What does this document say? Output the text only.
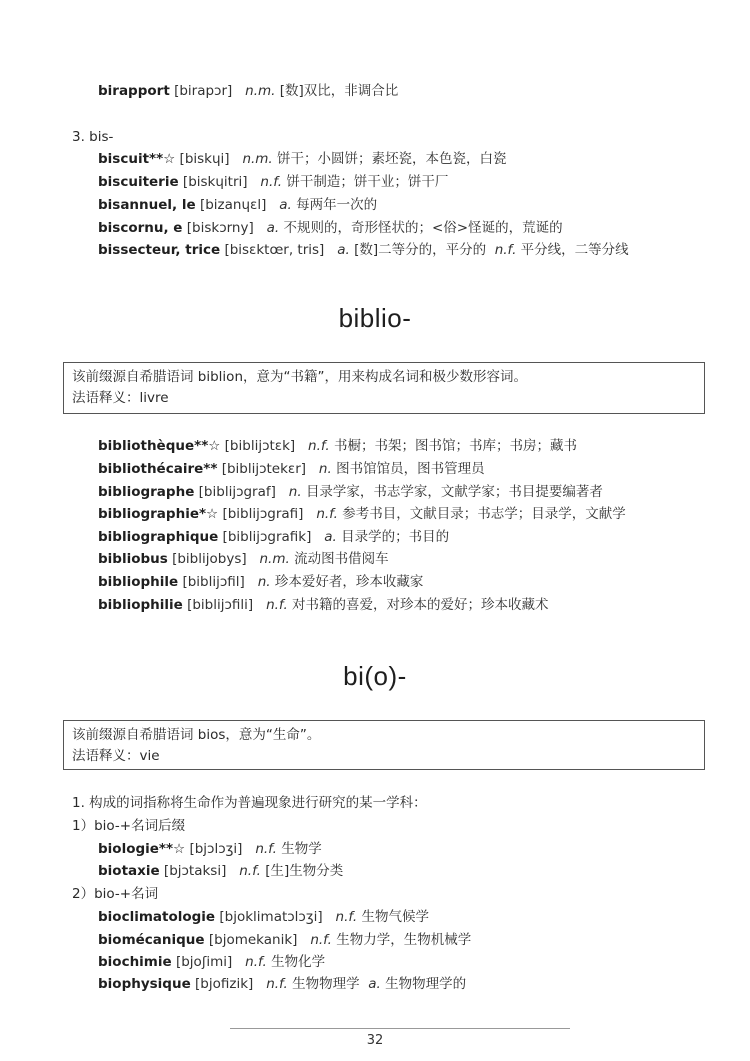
birapport [birapɔr] n.m. [数]双比，非调合比
3. bis-
biscuit**☆ [biskɥi] n.m. 饼干；小圆饼；素坯瓷，本色瓷，白瓷
biscuiterie [biskɥitri] n.f. 饼干制造；饼干业；饼干厂
bisannuel, le [bizanɥɛl] a. 每两年一次的
biscornu, e [biskɔrny] a. 不规则的，奇形怪状的；<俗>怪诞的，荒诞的
bissecteur, trice [bisɛktœr, tris] a. [数]二等分的，平分的 n.f. 平分线，二等分线
biblio-
该前缀源自希腊语词 biblion，意为“书籍”，用来构成名词和极少数形容词。
法语释义：livre
bibliothèque**☆ [biblijɔtɛk] n.f. 书橱；书架；图书馆；书库；书房；藏书
bibliothécaire** [biblijɔtekɛr] n. 图书馆馆员，图书管理员
bibliographe [biblijɔgraf] n. 目录学家，书志学家，文献学家；书目提要编著者
bibliographie*☆ [biblijɔgrafi] n.f. 参考书目，文献目录；书志学；目录学，文献学
bibliographique [biblijɔgrafik] a. 目录学的；书目的
bibliobus [biblijobys] n.m. 流动图书借阅车
bibliophile [biblijɔfil] n. 珍本爱好者，珍本收藏家
bibliophilie [biblijɔfili] n.f. 对书籍的喜爱，对珍本的爱好；珍本收藏术
bi(o)-
该前缀源自希腊语词 bios，意为“生命”。
法语释义：vie
1. 构成的词指称将生命作为普遍现象进行研究的某一学科：
1）bio-+名词后缀
biologie**☆ [bjɔlɔʒi] n.f. 生物学
biotaxie [bjɔtaksi] n.f. [生]生物分类
2）bio-+名词
bioclimatologie [bjoklimatɔlɔʒi] n.f. 生物气候学
biomécanique [bjomekanik] n.f. 生物力学，生物机械学
biochimie [bjoʃimi] n.f. 生物化学
biophysique [bjofizik] n.f. 生物物理学 a. 生物物理学的
32
